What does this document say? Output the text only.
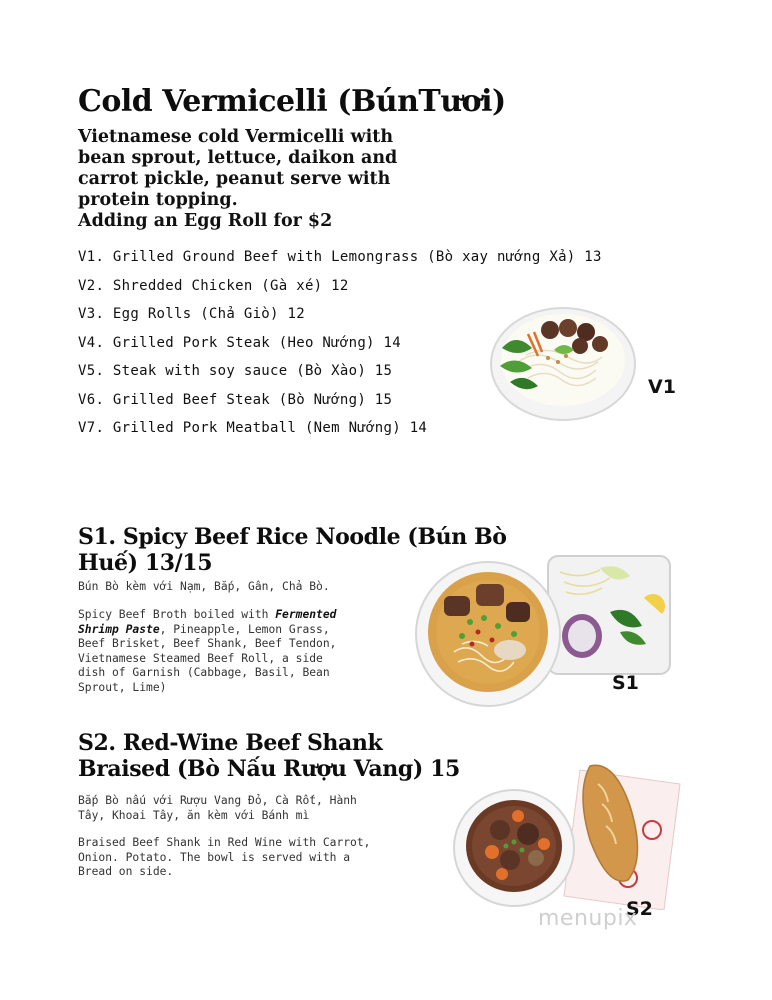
Cold Vermicelli (BúnTươi)
Vietnamese cold Vermicelli with
bean sprout, lettuce, daikon and
carrot pickle, peanut serve with
protein topping.
Adding an Egg Roll for $2
V1. Grilled Ground Beef with Lemongrass (Bò xay nướng Xả) 13
V2. Shredded Chicken (Gà xé) 12
V3. Egg Rolls (Chả Giò) 12
V4. Grilled Pork Steak (Heo Nướng) 14
V5. Steak with soy sauce (Bò Xào) 15
V6. Grilled Beef Steak (Bò Nướng) 15
V7. Grilled Pork Meatball (Nem Nướng) 14
V1
S1. Spicy Beef Rice Noodle (Bún Bò
Huế) 13/15
Bún Bò kèm với Nạm, Bắp, Gân, Chả Bò.
Spicy Beef Broth boiled with Fermented
Shrimp Paste, Pineapple, Lemon Grass,
Beef Brisket, Beef Shank, Beef Tendon,
Vietnamese Steamed Beef Roll, a side
dish of Garnish (Cabbage, Basil, Bean
Sprout, Lime)	S1
S2. Red-Wine Beef Shank
Braised (Bò Nấu Rượu Vang) 15
Bắp Bò nấu với Rượu Vang Đỏ, Cà Rốt, Hành
Tây, Khoai Tây, ăn kèm với Bánh mì
Braised Beef Shank in Red Wine with Carrot,
Onion. Potato. The bowl is served with a
Bread on side.
S2
menupix
